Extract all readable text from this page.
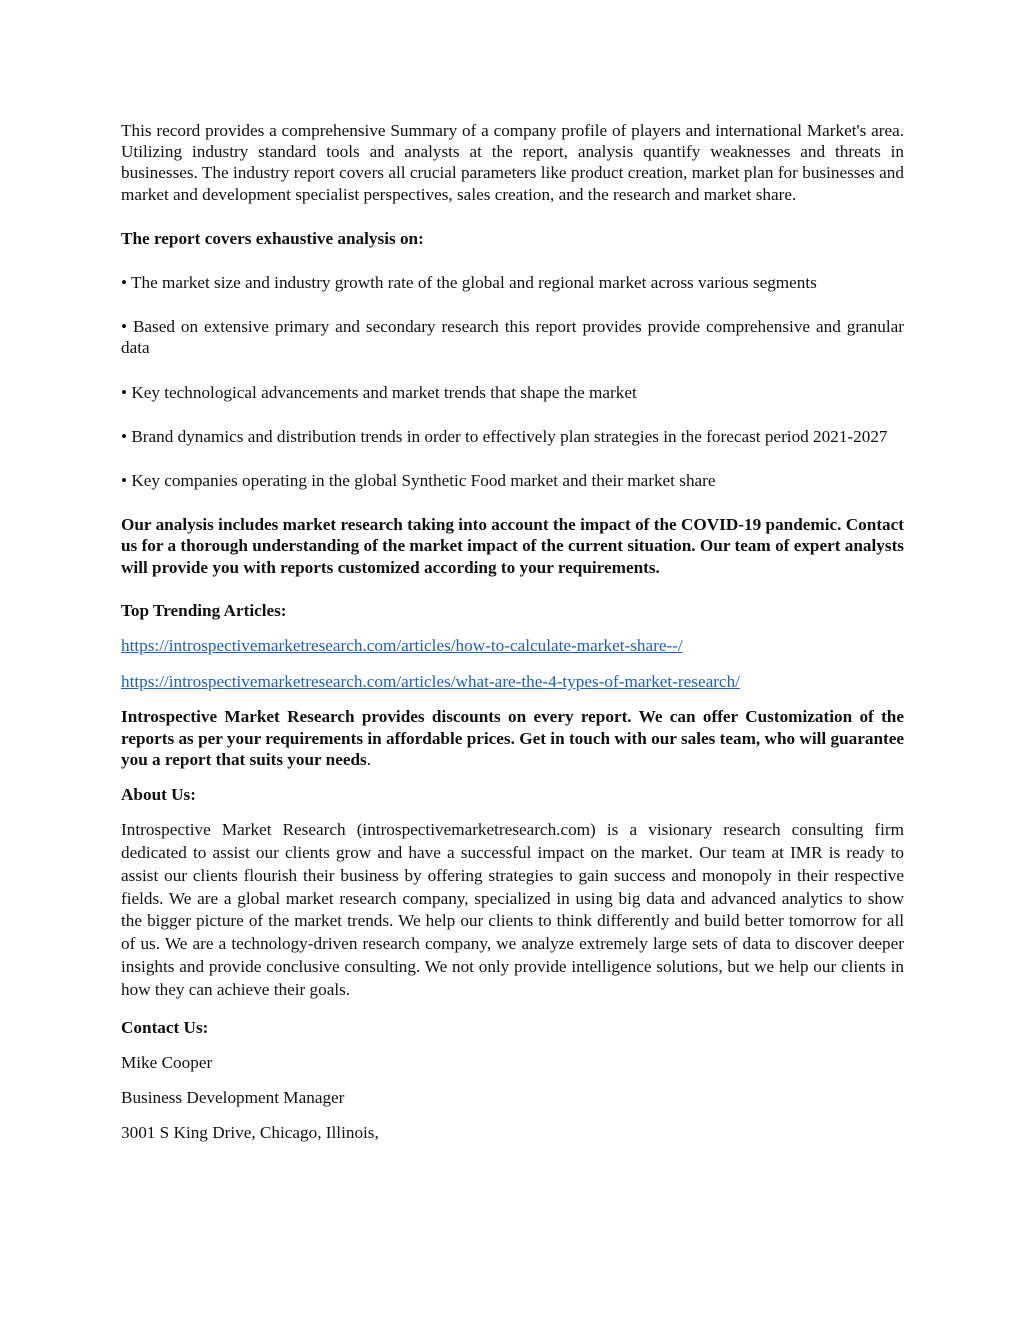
This record provides a comprehensive Summary of a company profile of players and international Market's area. Utilizing industry standard tools and analysts at the report, analysis quantify weaknesses and threats in businesses. The industry report covers all crucial parameters like product creation, market plan for businesses and market and development specialist perspectives, sales creation, and the research and market share.

The report covers exhaustive analysis on:

• The market size and industry growth rate of the global and regional market across various segments

• Based on extensive primary and secondary research this report provides provide comprehensive and granular data

• Key technological advancements and market trends that shape the market

• Brand dynamics and distribution trends in order to effectively plan strategies in the forecast period 2021-2027

• Key companies operating in the global Synthetic Food market and their market share

Our analysis includes market research taking into account the impact of the COVID-19 pandemic. Contact us for a thorough understanding of the market impact of the current situation. Our team of expert analysts will provide you with reports customized according to your requirements.

Top Trending Articles:

https://introspectivemarketresearch.com/articles/how-to-calculate-market-share--/
https://introspectivemarketresearch.com/articles/what-are-the-4-types-of-market-research/

Introspective Market Research provides discounts on every report. We can offer Customization of the reports as per your requirements in affordable prices. Get in touch with our sales team, who will guarantee you a report that suits your needs.

About Us:

Introspective Market Research (introspectivemarketresearch.com) is a visionary research consulting firm dedicated to assist our clients grow and have a successful impact on the market. Our team at IMR is ready to assist our clients flourish their business by offering strategies to gain success and monopoly in their respective fields. We are a global market research company, specialized in using big data and advanced analytics to show the bigger picture of the market trends. We help our clients to think differently and build better tomorrow for all of us. We are a technology-driven research company, we analyze extremely large sets of data to discover deeper insights and provide conclusive consulting. We not only provide intelligence solutions, but we help our clients in how they can achieve their goals.

Contact Us:

Mike Cooper

Business Development Manager

3001 S King Drive, Chicago, Illinois,
